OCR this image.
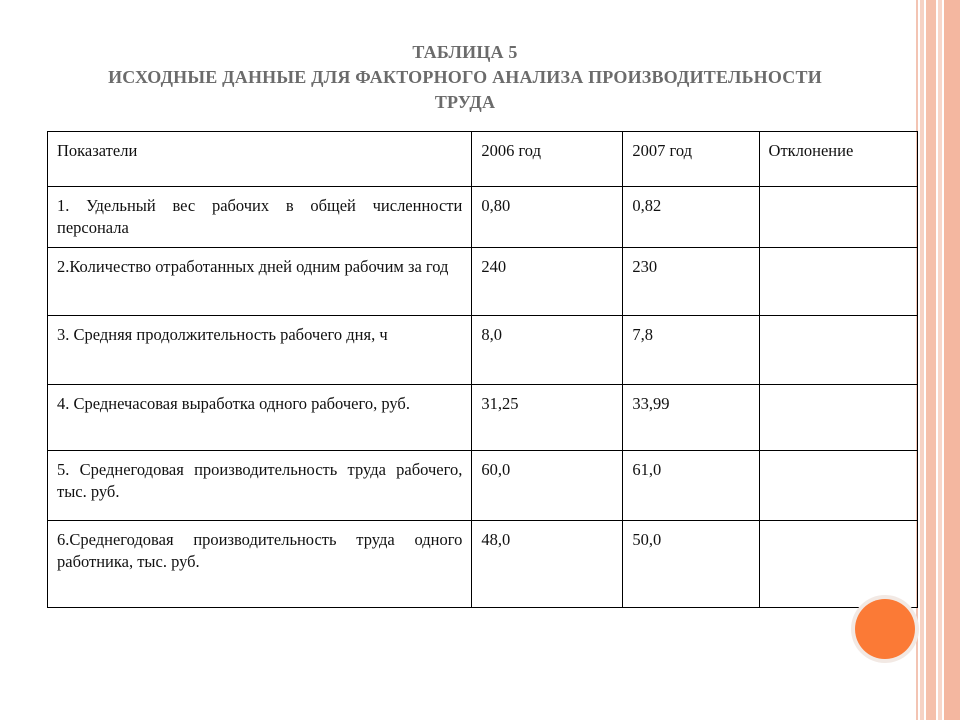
ТАБЛИЦА 5
ИСХОДНЫЕ ДАННЫЕ ДЛЯ ФАКТОРНОГО АНАЛИЗА ПРОИЗВОДИТЕЛЬНОСТИ
ТРУДА
Показатели	2006 год	2007 год	Отклонение
1. Удельный вес рабочих в общей численности персонала	0,80	0,82	
2.Количество отработанных дней одним рабочим за год	240	230	
3. Средняя продолжительность рабочего дня, ч	8,0	7,8	
4. Среднечасовая выработка одного рабочего, руб.	31,25	33,99	
5. Среднегодовая производительность труда рабочего, тыс. руб.	60,0	61,0	
6.Среднегодовая производительность труда одного работника, тыс. руб.	48,0	50,0	
